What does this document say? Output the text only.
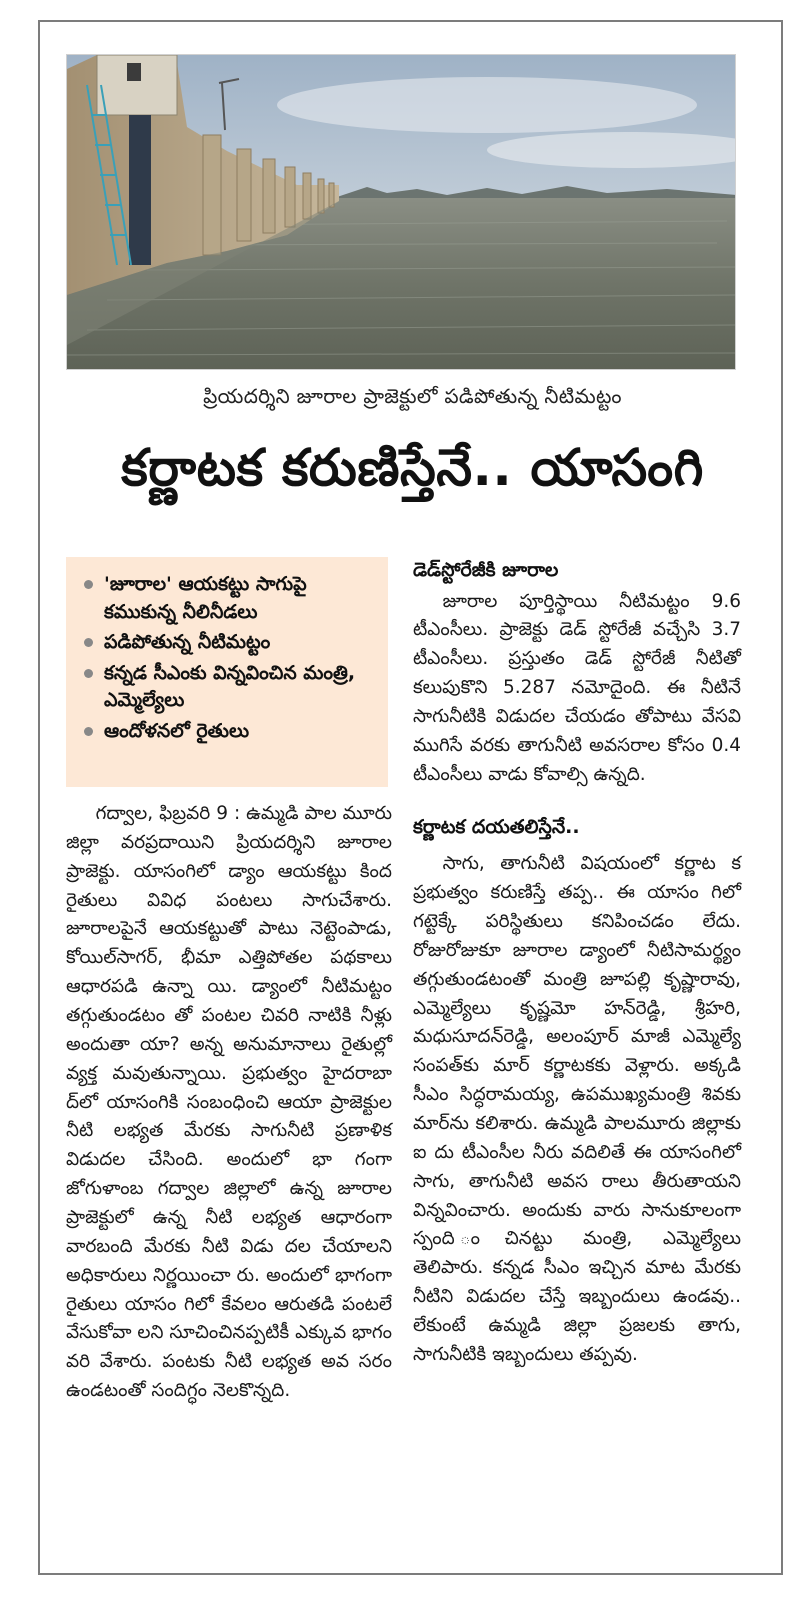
ప్రియదర్శిని జూరాల ప్రాజెక్టులో పడిపోతున్న నీటిమట్టం
కర్ణాటక కరుణిస్తేనే.. యాసంగి
'జూరాల' ఆయకట్టు సాగుపై కముకున్న నీలినీడలు
పడిపోతున్న నీటిమట్టం
కన్నడ సీఎంకు విన్నవించిన మంత్రి, ఎమ్మెల్యేలు
ఆందోళనలో రైతులు

గద్వాల, ఫిబ్రవరి 9 : ఉమ్మడి పాల మూరు జిల్లా వరప్రదాయిని ప్రియదర్శిని జూరాల ప్రాజెక్టు. యాసంగిలో డ్యాం ఆయకట్టు కింద రైతులు వివిధ పంటలు సాగుచేశారు. జూరాలపైనే ఆయకట్టుతో పాటు నెట్టెంపాడు, కోయిల్‌సాగర్, భీమా ఎత్తిపోతల పథకాలు ఆధారపడి ఉన్నా యి. డ్యాంలో నీటిమట్టం తగ్గుతుండటం తో పంటల చివరి నాటికి నీళ్లు అందుతా యా? అన్న అనుమానాలు రైతుల్లో వ్యక్త మవుతున్నాయి. ప్రభుత్వం హైదరాబా ద్‌లో యాసంగికి సంబంధించి ఆయా ప్రాజెక్టుల నీటి లభ్యత మేరకు సాగునీటి ప్రణాళిక విడుదల చేసింది. అందులో భా గంగా జోగుళాంబ గద్వాల జిల్లాలో ఉన్న జూరాల ప్రాజెక్టులో ఉన్న నీటి లభ్యత ఆధారంగా వారబంది మేరకు నీటి విడు దల చేయాలని అధికారులు నిర్ణయించా రు. అందులో భాగంగా రైతులు యాసం గిలో కేవలం ఆరుతడి పంటలే వేసుకోవా లని సూచించినప్పటికీ ఎక్కువ భాగం వరి వేశారు. పంటకు నీటి లభ్యత అవ సరం ఉండటంతో సందిగ్ధం నెలకొన్నది.

డెడ్‌స్టోరేజీకి జూరాల

జూరాల పూర్తిస్థాయి నీటిమట్టం 9.6 టీఎంసీలు. ప్రాజెక్టు డెడ్ స్టోరేజీ వచ్చేసి 3.7 టీఎంసీలు. ప్రస్తుతం డెడ్ స్టోరేజీ నీటితో కలుపుకొని 5.287 నమోదైంది. ఈ నీటినే సాగునీటికి విడుదల చేయడం తోపాటు వేసవి ముగిసే వరకు తాగునీటి అవసరాల కోసం 0.4 టీఎంసీలు వాడు కోవాల్సి ఉన్నది.

కర్ణాటక దయతలిస్తేనే..

సాగు, తాగునీటి విషయంలో కర్ణాట క ప్రభుత్వం కరుణిస్తే తప్ప.. ఈ యాసం గిలో గట్టెక్కే పరిస్థితులు కనిపించడం లేదు. రోజురోజుకూ జూరాల డ్యాంలో నీటిసామర్థ్యం తగ్గుతుండటంతో మంత్రి జూపల్లి కృష్ణారావు, ఎమ్మెల్యేలు కృష్ణమో హన్‌రెడ్డి, శ్రీహరి, మధుసూదన్‌రెడ్డి, అలంపూర్ మాజీ ఎమ్మెల్యే సంపత్‌కు మార్ కర్ణాటకకు వెళ్లారు. అక్కడి సీఎం సిద్ధరామయ్య, ఉపముఖ్యమంత్రి శివకు మార్‌ను కలిశారు. ఉమ్మడి పాలమూరు జిల్లాకు ఐ దు టీఎంసీల నీరు వదిలితే ఈ యాసంగిలో సాగు, తాగునీటి అవస రాలు తీరుతాయని విన్నవించారు. అందుకు వారు సానుకూలంగా స్పంది ంచినట్టు మంత్రి, ఎమ్మెల్యేలు తెలిపారు. కన్నడ సీఎం ఇచ్చిన మాట మేరకు నీటిని విడుదల చేస్తే ఇబ్బందులు ఉండవు.. లేకుంటే ఉమ్మడి జిల్లా ప్రజలకు తాగు, సాగునీటికి ఇబ్బందులు తప్పవు.
